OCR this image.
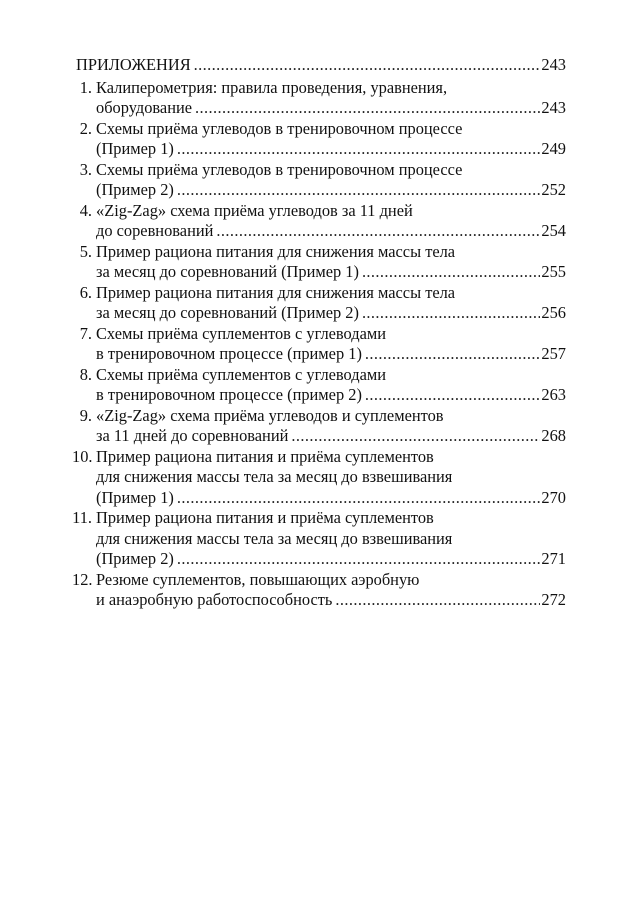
ПРИЛОЖЕНИЯ .....	243
1. Калиперометрия: правила проведения, уравнения,
оборудование .....	243
2. Схемы приёма углеводов в тренировочном процессе
(Пример 1) .....	249
3. Схемы приёма углеводов в тренировочном процессе
(Пример 2) .....	252
4. «Zig-Zag» схема приёма углеводов за 11 дней
до соревнований .....	254
5. Пример рациона питания для снижения массы тела
за месяц до соревнований (Пример 1) .....	255
6. Пример рациона питания для снижения массы тела
за месяц до соревнований (Пример 2) .....	256
7. Схемы приёма суплементов с углеводами
в тренировочном процессе (пример 1) .....	257
8. Схемы приёма суплементов с углеводами
в тренировочном процессе (пример 2) .....	263
9. «Zig-Zag» схема приёма углеводов и суплементов
за 11 дней до соревнований .....	268
10. Пример рациона питания и приёма суплементов
для снижения массы тела за месяц до взвешивания
(Пример 1) .....	270
11. Пример рациона питания и приёма суплементов
для снижения массы тела за месяц до взвешивания
(Пример 2) .....	271
12. Резюме суплементов, повышающих аэробную
и анаэробную работоспособность .....	272
